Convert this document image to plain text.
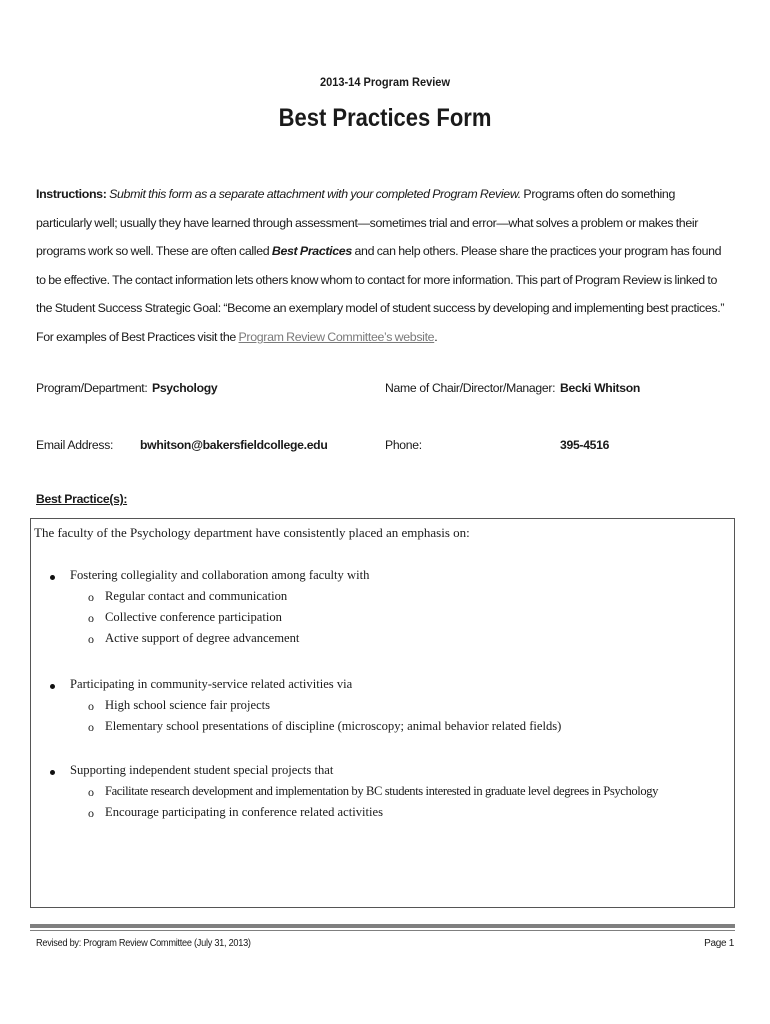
2013-14 Program Review
Best Practices Form
Instructions: Submit this form as a separate attachment with your completed Program Review. Programs often do something particularly well; usually they have learned through assessment—sometimes trial and error—what solves a problem or makes their programs work so well. These are often called Best Practices and can help others. Please share the practices your program has found to be effective. The contact information lets others know whom to contact for more information. This part of Program Review is linked to the Student Success Strategic Goal: “Become an exemplary model of student success by developing and implementing best practices.” For examples of Best Practices visit the Program Review Committee’s website.
Program/Department: Psychology	Name of Chair/Director/Manager: Becki Whitson
Email Address: bwhitson@bakersfieldcollege.edu	Phone:	395-4516
Best Practice(s):
The faculty of the Psychology department have consistently placed an emphasis on:
Fostering collegiality and collaboration among faculty with
o Regular contact and communication
o Collective conference participation
o Active support of degree advancement
Participating in community-service related activities via
o High school science fair projects
o Elementary school presentations of discipline (microscopy; animal behavior related fields)
Supporting independent student special projects that
o Facilitate research development and implementation by BC students interested in graduate level degrees in Psychology
o Encourage participating in conference related activities
Revised by: Program Review Committee (July 31, 2013)	Page 1
